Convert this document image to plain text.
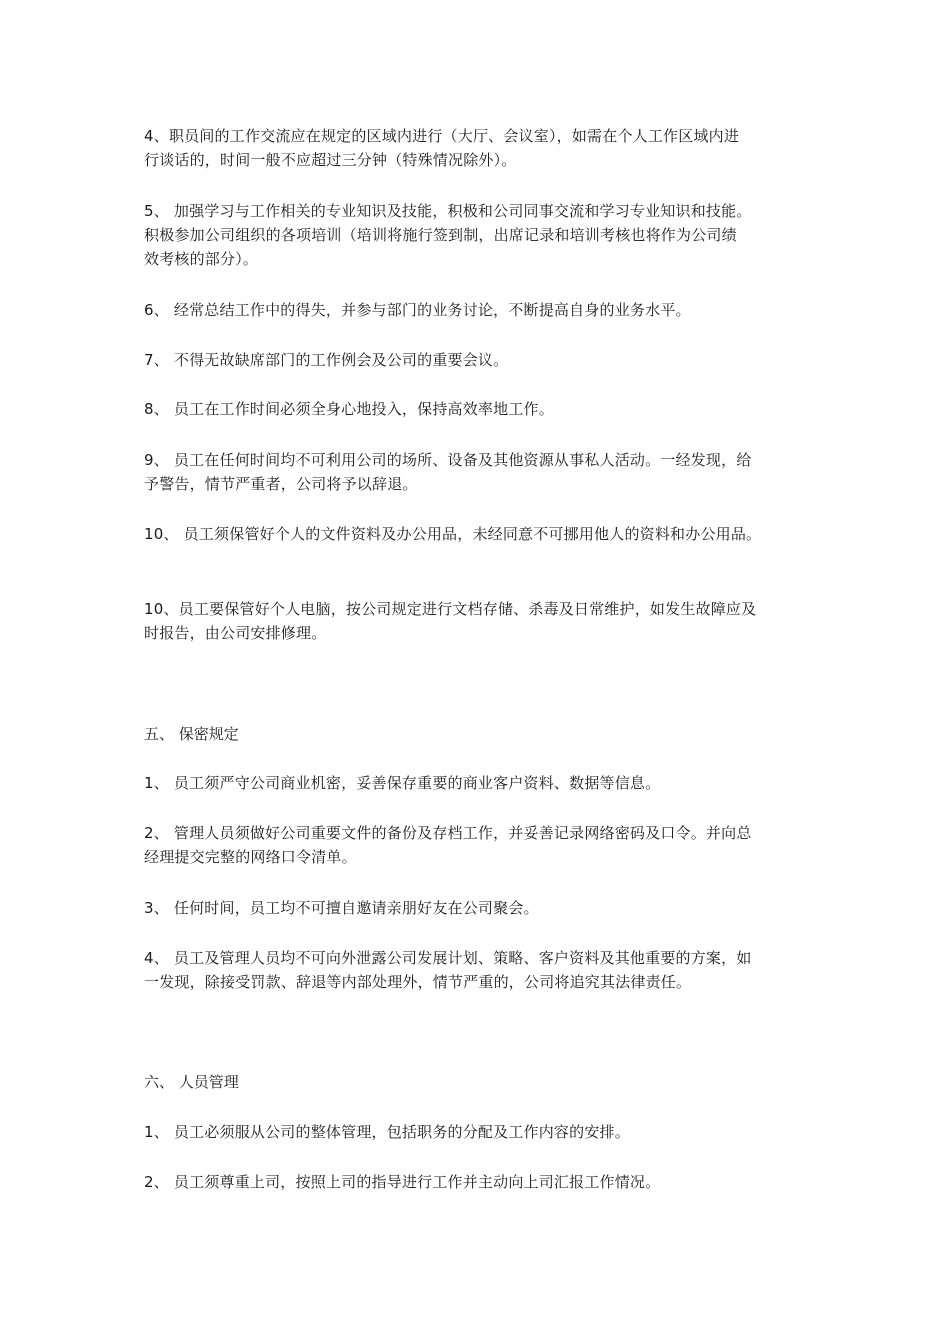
4、职员间的工作交流应在规定的区域内进行（大厅、会议室），如需在个人工作区域内进
行谈话的，时间一般不应超过三分钟（特殊情况除外）。
5、 加强学习与工作相关的专业知识及技能，积极和公司同事交流和学习专业知识和技能。
积极参加公司组织的各项培训（培训将施行签到制，出席记录和培训考核也将作为公司绩
效考核的部分）。
6、 经常总结工作中的得失，并参与部门的业务讨论，不断提高自身的业务水平。
7、 不得无故缺席部门的工作例会及公司的重要会议。
8、 员工在工作时间必须全身心地投入，保持高效率地工作。
9、 员工在任何时间均不可利用公司的场所、设备及其他资源从事私人活动。一经发现，给
予警告，情节严重者，公司将予以辞退。
10、 员工须保管好个人的文件资料及办公用品，未经同意不可挪用他人的资料和办公用品。
10、员工要保管好个人电脑，按公司规定进行文档存储、杀毒及日常维护，如发生故障应及
时报告，由公司安排修理。
五、 保密规定
1、 员工须严守公司商业机密，妥善保存重要的商业客户资料、数据等信息。
2、 管理人员须做好公司重要文件的备份及存档工作，并妥善记录网络密码及口令。并向总
经理提交完整的网络口令清单。
3、 任何时间，员工均不可擅自邀请亲朋好友在公司聚会。
4、 员工及管理人员均不可向外泄露公司发展计划、策略、客户资料及其他重要的方案，如
一发现，除接受罚款、辞退等内部处理外，情节严重的，公司将追究其法律责任。
六、 人员管理
1、 员工必须服从公司的整体管理，包括职务的分配及工作内容的安排。
2、 员工须尊重上司，按照上司的指导进行工作并主动向上司汇报工作情况。
